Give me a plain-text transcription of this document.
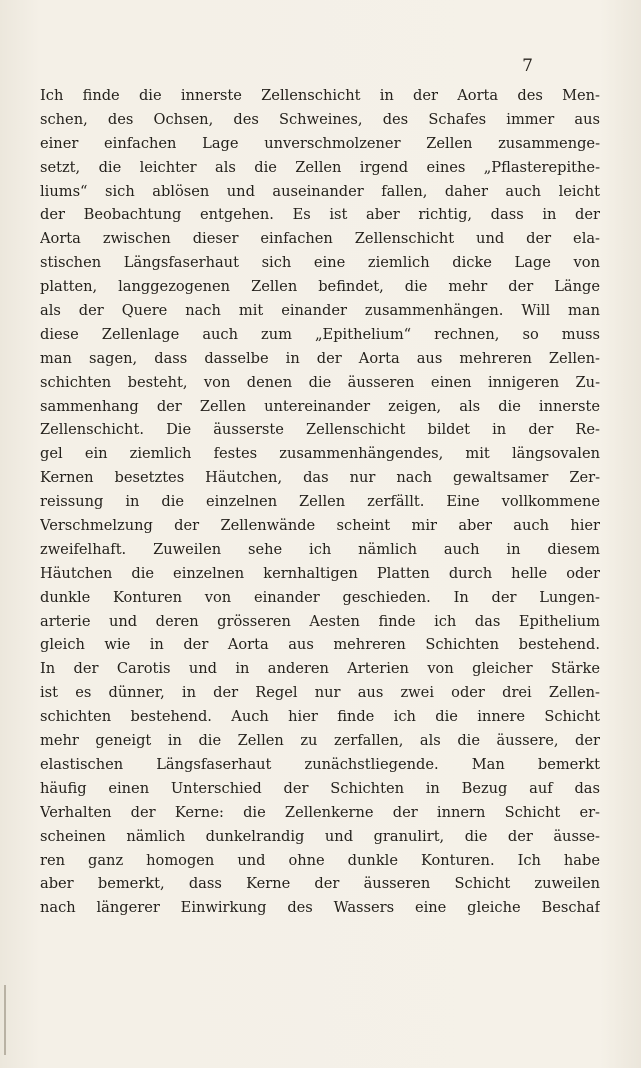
7
Ich finde die innerste Zellenschicht in der Aorta des Men-
schen, des Ochsen, des Schweines, des Schafes immer aus
einer einfachen Lage unverschmolzener Zellen zusammenge-
setzt, die leichter als die Zellen irgend eines „Pflasterepithe-
liums“ sich ablösen und auseinander fallen, daher auch leicht
der Beobachtung entgehen. Es ist aber richtig, dass in der
Aorta zwischen dieser einfachen Zellenschicht und der ela-
stischen Längsfaserhaut sich eine ziemlich dicke Lage von
platten, langgezogenen Zellen befindet, die mehr der Länge
als der Quere nach mit einander zusammenhängen. Will man
diese Zellenlage auch zum „Epithelium“ rechnen, so muss
man sagen, dass dasselbe in der Aorta aus mehreren Zellen-
schichten besteht, von denen die äusseren einen innigeren Zu-
sammenhang der Zellen untereinander zeigen, als die innerste
Zellenschicht. Die äusserste Zellenschicht bildet in der Re-
gel ein ziemlich festes zusammenhängendes, mit längsovalen
Kernen besetztes Häutchen, das nur nach gewaltsamer Zer-
reissung in die einzelnen Zellen zerfällt. Eine vollkommene
Verschmelzung der Zellenwände scheint mir aber auch hier
zweifelhaft. Zuweilen sehe ich nämlich auch in diesem
Häutchen die einzelnen kernhaltigen Platten durch helle oder
dunkle Konturen von einander geschieden. In der Lungen-
arterie und deren grösseren Aesten finde ich das Epithelium
gleich wie in der Aorta aus mehreren Schichten bestehend.
In der Carotis und in anderen Arterien von gleicher Stärke
ist es dünner, in der Regel nur aus zwei oder drei Zellen-
schichten bestehend. Auch hier finde ich die innere Schicht
mehr geneigt in die Zellen zu zerfallen, als die äussere, der
elastischen Längsfaserhaut zunächstliegende. Man bemerkt
häufig einen Unterschied der Schichten in Bezug auf das
Verhalten der Kerne: die Zellenkerne der innern Schicht er-
scheinen nämlich dunkelrandig und granulirt, die der äusse-
ren ganz homogen und ohne dunkle Konturen. Ich habe
aber bemerkt, dass Kerne der äusseren Schicht zuweilen
nach längerer Einwirkung des Wassers eine gleiche Beschaf
